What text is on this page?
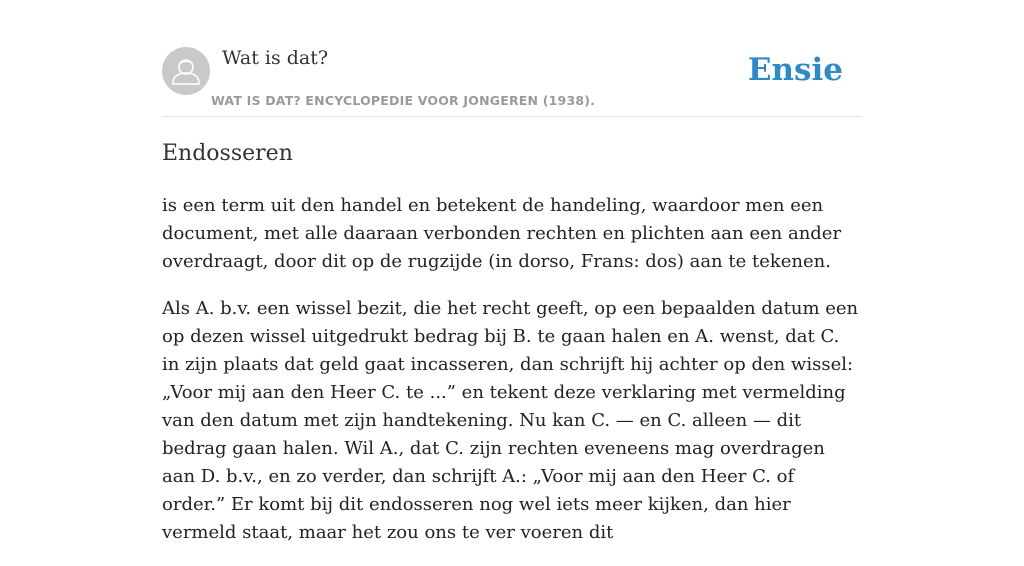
Wat is dat?
WAT IS DAT? ENCYCLOPEDIE VOOR JONGEREN (1938).
Ensie
Endosseren

is een term uit den handel en betekent de handeling, waardoor men een document, met alle daaraan verbonden rechten en plichten aan een ander overdraagt, door dit op de rugzijde (in dorso, Frans: dos) aan te tekenen.

Als A. b.v. een wissel bezit, die het recht geeft, op een bepaalden datum een op dezen wissel uitgedrukt bedrag bij B. te gaan halen en A. wenst, dat C. in zijn plaats dat geld gaat incasseren, dan schrijft hij achter op den wissel: „Voor mij aan den Heer C. te ...” en tekent deze verklaring met vermelding van den datum met zijn handtekening. Nu kan C. — en C. alleen — dit bedrag gaan halen. Wil A., dat C. zijn rechten eveneens mag overdragen aan D. b.v., en zo verder, dan schrijft A.: „Voor mij aan den Heer C. of order.” Er komt bij dit endosseren nog wel iets meer kijken, dan hier vermeld staat, maar het zou ons te ver voeren dit
